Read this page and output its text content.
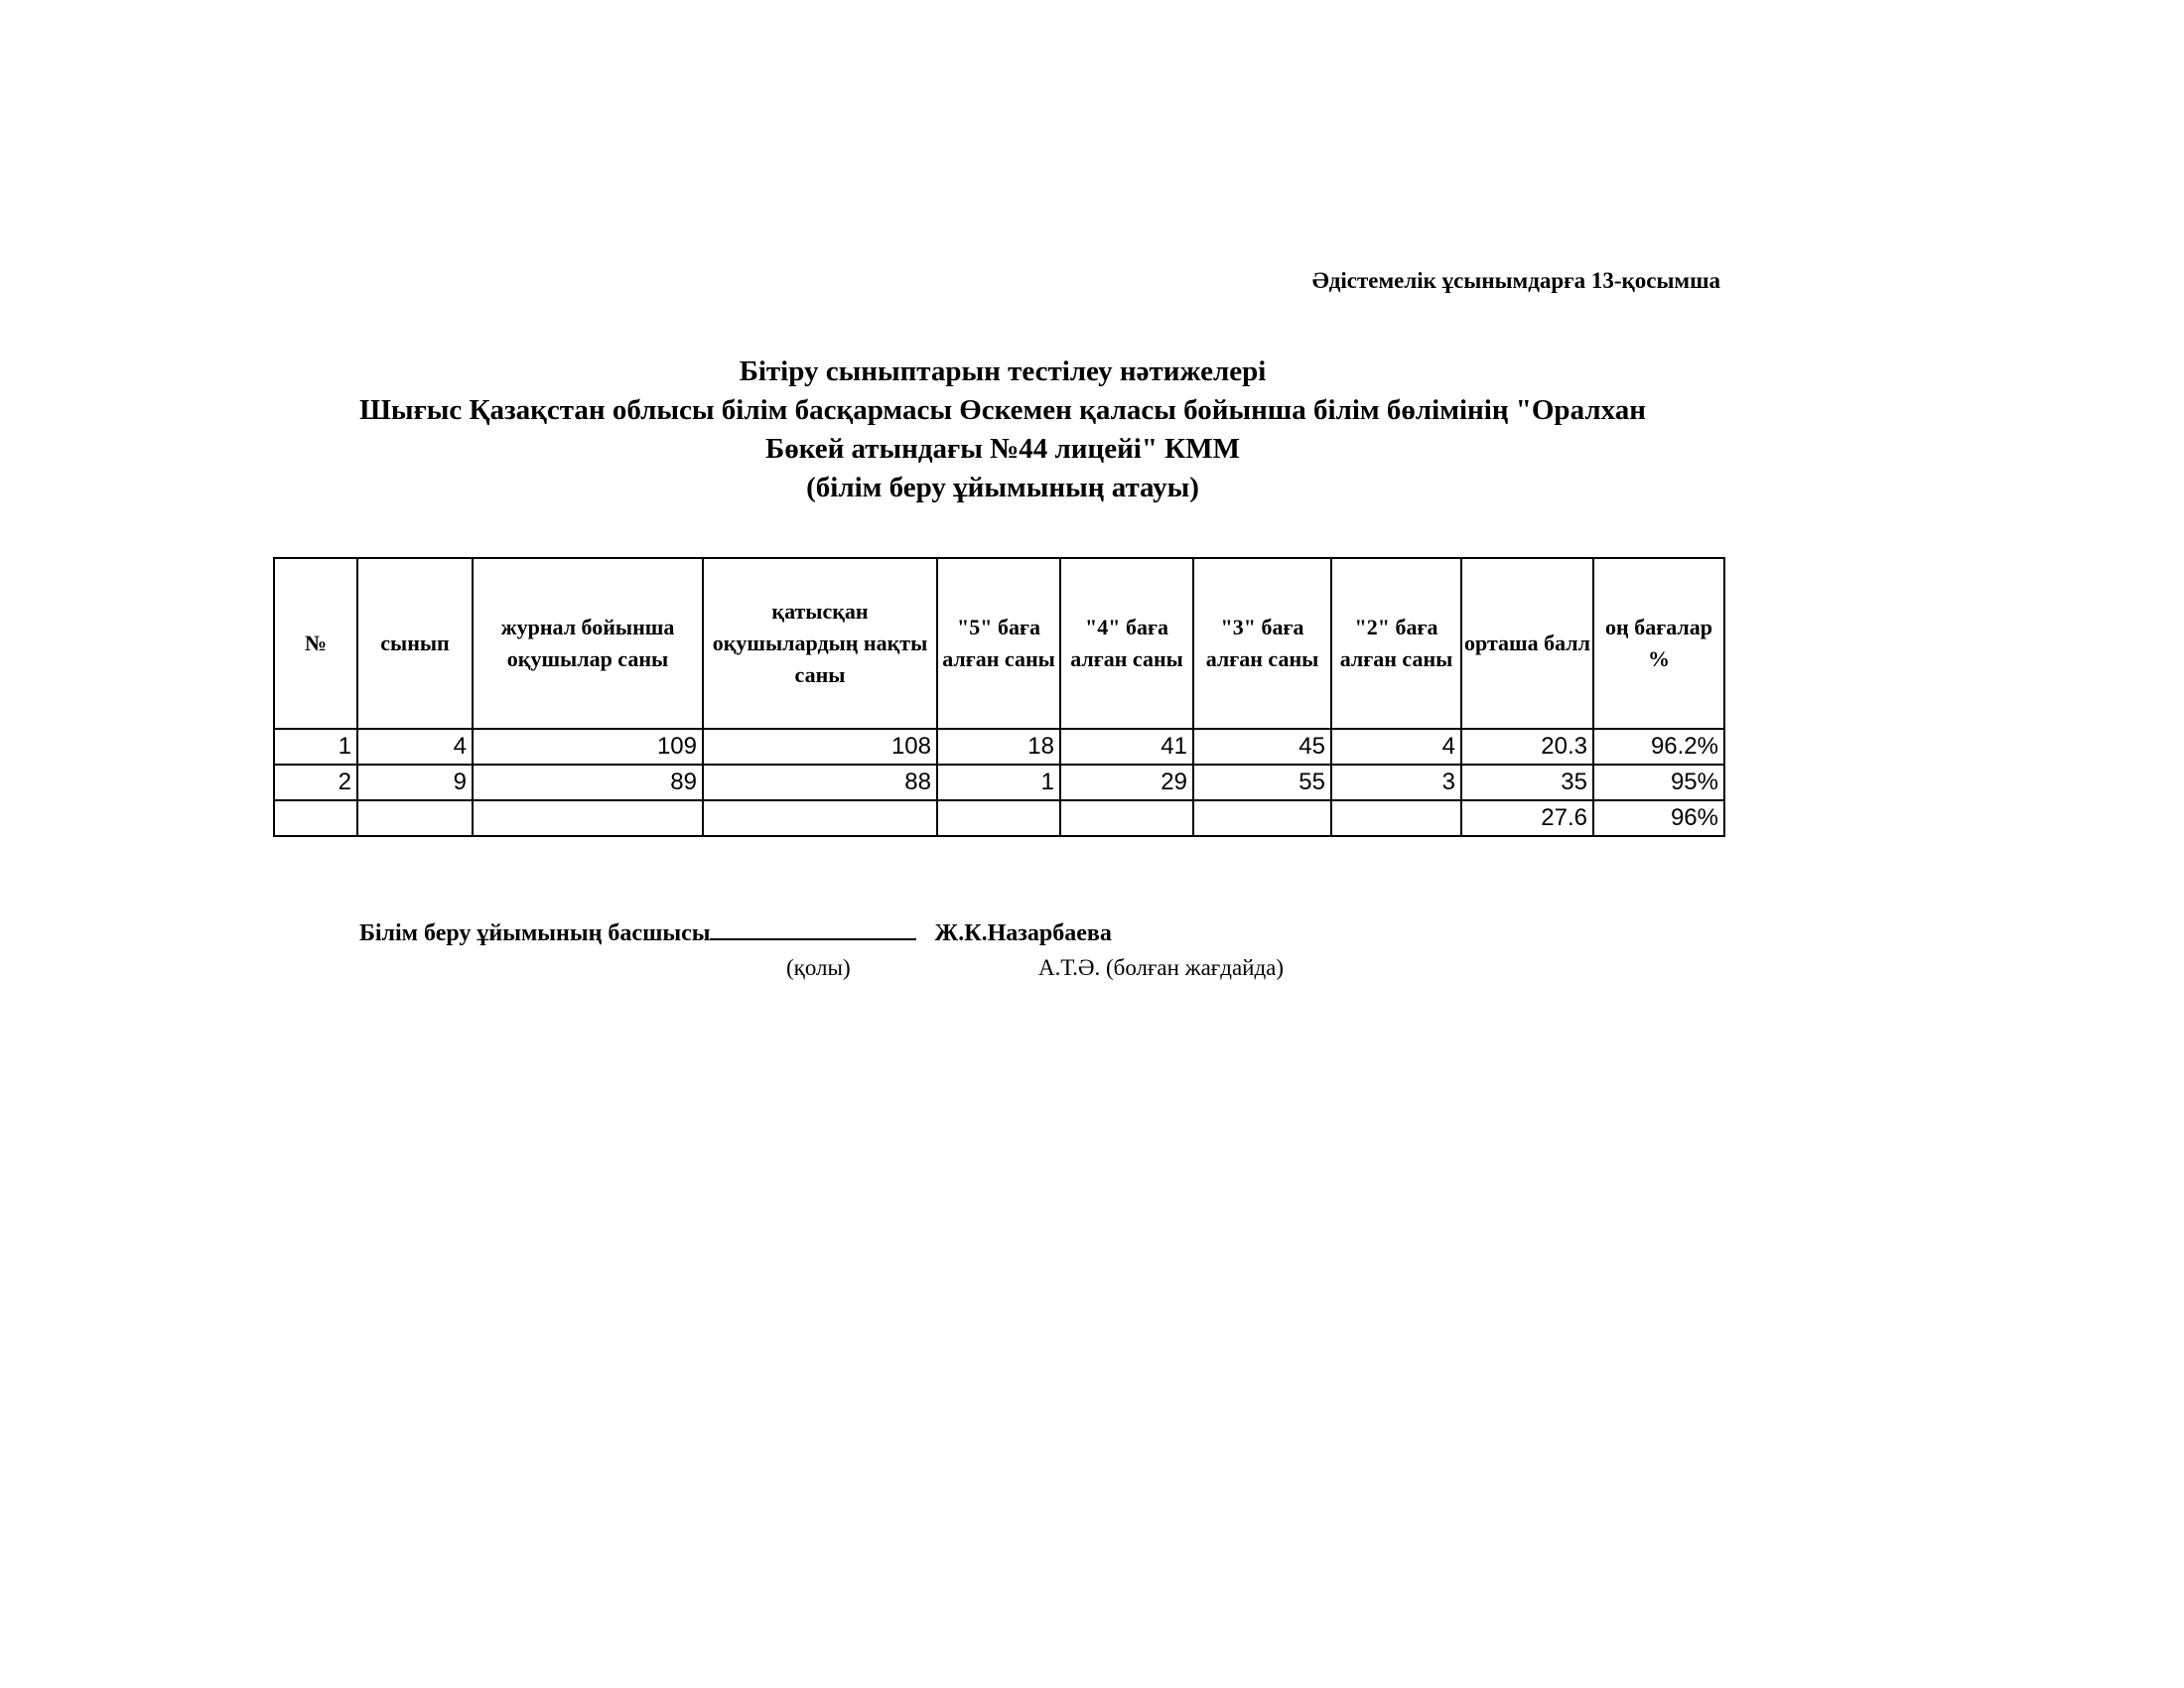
Әдістемелік ұсынымдарға 13-қосымша
Бітіру сыныптарын тестілеу нәтижелері
Шығыс Қазақстан облысы білім басқармасы Өскемен қаласы бойынша білім бөлімінің "Оралхан
Бөкей атындағы №44 лицейі" КММ
(білім беру ұйымының атауы)
№	сынып	журнал бойынша оқушылар саны	қатысқан оқушылардың нақты саны	"5" баға алған саны	"4" баға алған саны	"3" баға алған саны	"2" баға алған саны	орташа балл	оң бағалар %
1	4	109	108	18	41	45	4	20.3	96.2%
2	9	89	88	1	29	55	3	35	95%
								27.6	96%
Білім беру ұйымының басшысы	Ж.К.Назарбаева
(қолы)	А.Т.Ә. (болған жағдайда)
